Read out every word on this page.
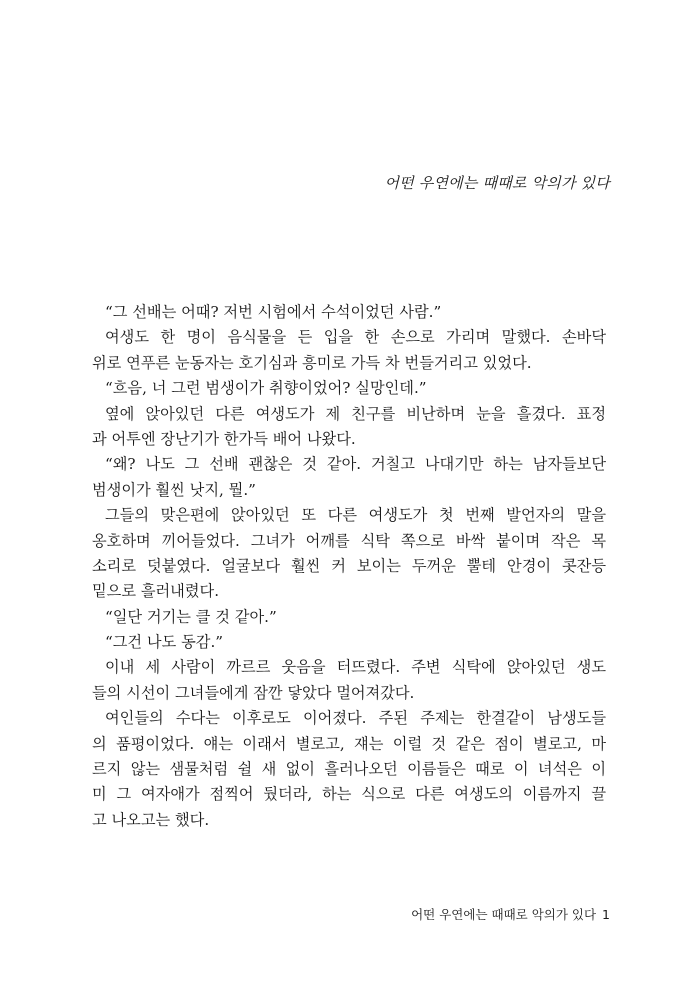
어떤 우연에는 때때로 악의가 있다
“그 선배는 어때? 저번 시험에서 수석이었던 사람.”
여생도 한 명이 음식물을 든 입을 한 손으로 가리며 말했다. 손바닥
위로 연푸른 눈동자는 호기심과 흥미로 가득 차 번들거리고 있었다.
“흐음, 너 그런 범생이가 취향이었어? 실망인데.”
옆에 앉아있던 다른 여생도가 제 친구를 비난하며 눈을 흘겼다. 표정
과 어투엔 장난기가 한가득 배어 나왔다.
“왜? 나도 그 선배 괜찮은 것 같아. 거칠고 나대기만 하는 남자들보단
범생이가 훨씬 낫지, 뭘.”
그들의 맞은편에 앉아있던 또 다른 여생도가 첫 번째 발언자의 말을
옹호하며 끼어들었다. 그녀가 어깨를 식탁 쪽으로 바싹 붙이며 작은 목
소리로 덧붙였다. 얼굴보다 훨씬 커 보이는 두꺼운 뿔테 안경이 콧잔등
밑으로 흘러내렸다.
“일단 거기는 클 것 같아.”
“그건 나도 동감.”
이내 세 사람이 까르르 웃음을 터뜨렸다. 주변 식탁에 앉아있던 생도
들의 시선이 그녀들에게 잠깐 닿았다 멀어져갔다.
여인들의 수다는 이후로도 이어졌다. 주된 주제는 한결같이 남생도들
의 품평이었다. 얘는 이래서 별로고, 쟤는 이럴 것 같은 점이 별로고, 마
르지 않는 샘물처럼 쉴 새 없이 흘러나오던 이름들은 때로 이 녀석은 이
미 그 여자애가 점찍어 뒀더라, 하는 식으로 다른 여생도의 이름까지 끌
고 나오고는 했다.
어떤 우연에는 때때로 악의가 있다 1
